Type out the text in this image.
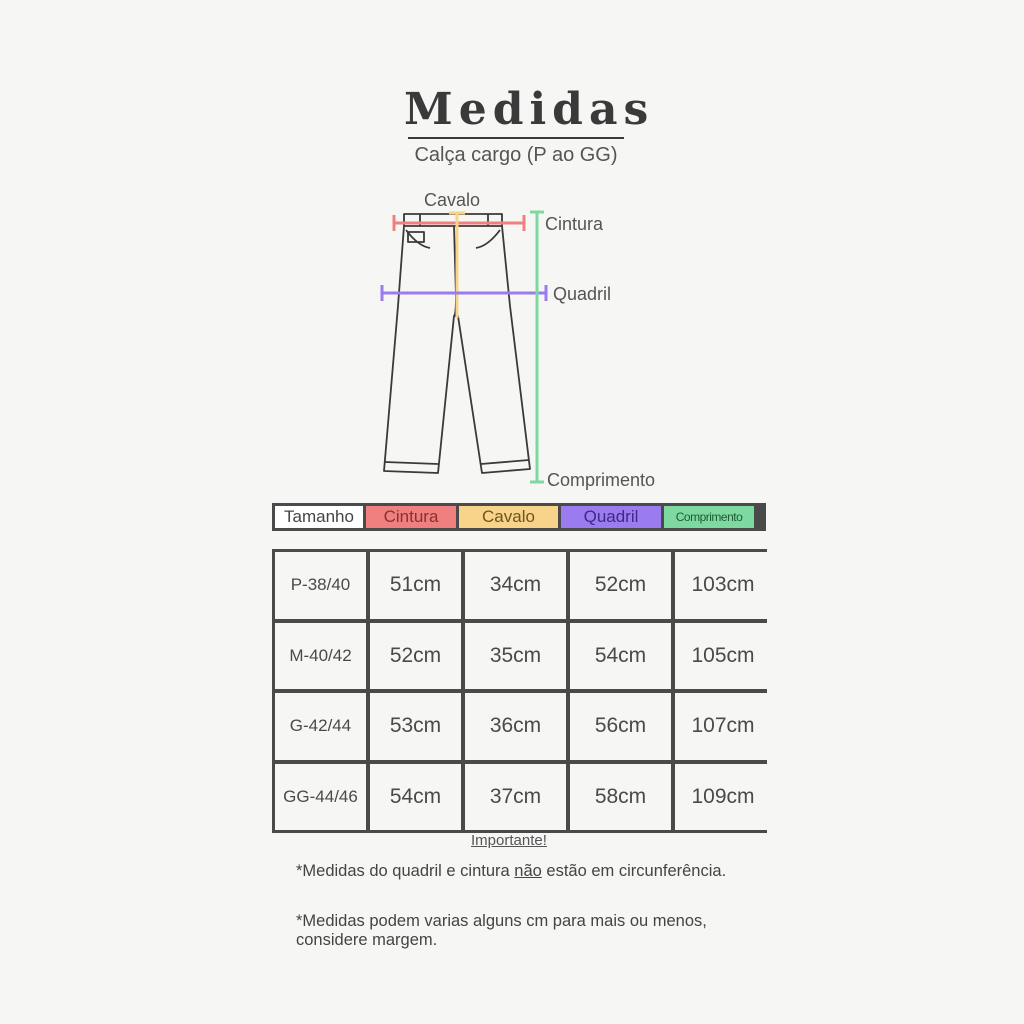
Medidas
Calça cargo (P ao GG)
Cavalo
Cintura
Quadril
Comprimento
Tamanho	Cintura	Cavalo	Quadril	Comprimento
P-38/40	51cm	34cm	52cm	103cm
M-40/42	52cm	35cm	54cm	105cm
G-42/44	53cm	36cm	56cm	107cm
GG-44/46	54cm	37cm	58cm	109cm
Importante!
*Medidas do quadril e cintura não estão em circunferência.
*Medidas podem varias alguns cm para mais ou menos,
considere margem.
